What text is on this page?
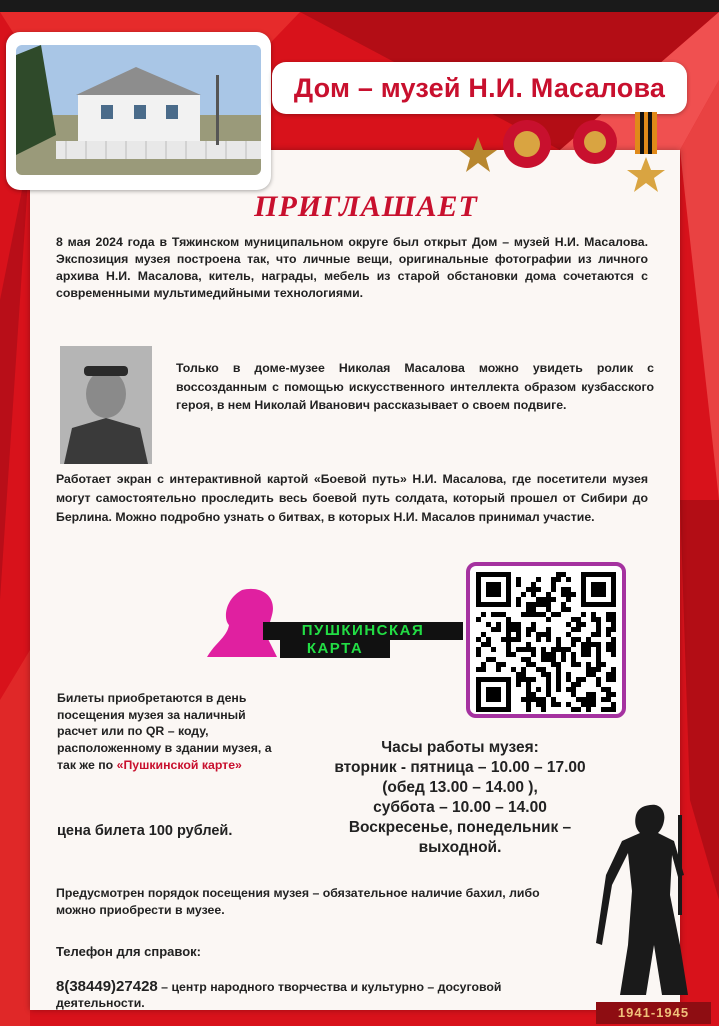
Дом – музей Н.И. Масалова
ПРИГЛАШАЕТ
8 мая 2024 года в Тяжинском муниципальном округе был открыт Дом – музей Н.И. Масалова. Экспозиция музея построена так, что личные вещи, оригинальные фотографии из личного архива Н.И. Масалова, китель, награды, мебель из старой обстановки дома сочетаются с современными мультимедийными технологиями.
Только в доме-музее Николая Масалова можно увидеть ролик с воссозданным с помощью искусственного интеллекта образом кузбасского героя, в нем Николай Иванович рассказывает о своем подвиге.
Работает экран с интерактивной картой «Боевой путь» Н.И. Масалова, где посетители музея могут самостоятельно проследить весь боевой путь солдата, который прошел от Сибири до Берлина. Можно подробно узнать о битвах, в которых Н.И. Масалов принимал участие.
ПУШКИНСКАЯ
КАРТА
Билеты приобретаются в день посещения музея за наличный расчет или по QR – коду, расположенному в здании музея, а так же по «Пушкинской карте»
цена билета 100 рублей.
Часы работы музея:
вторник - пятница – 10.00 – 17.00
(обед 13.00 – 14.00 ),
суббота – 10.00 – 14.00
Воскресенье, понедельник –
выходной.
Предусмотрен порядок посещения музея – обязательное наличие бахил, либо можно приобрести в музее.
Телефон для справок:
8(38449)27428 – центр народного творчества и культурно – досуговой деятельности.
1941-1945
